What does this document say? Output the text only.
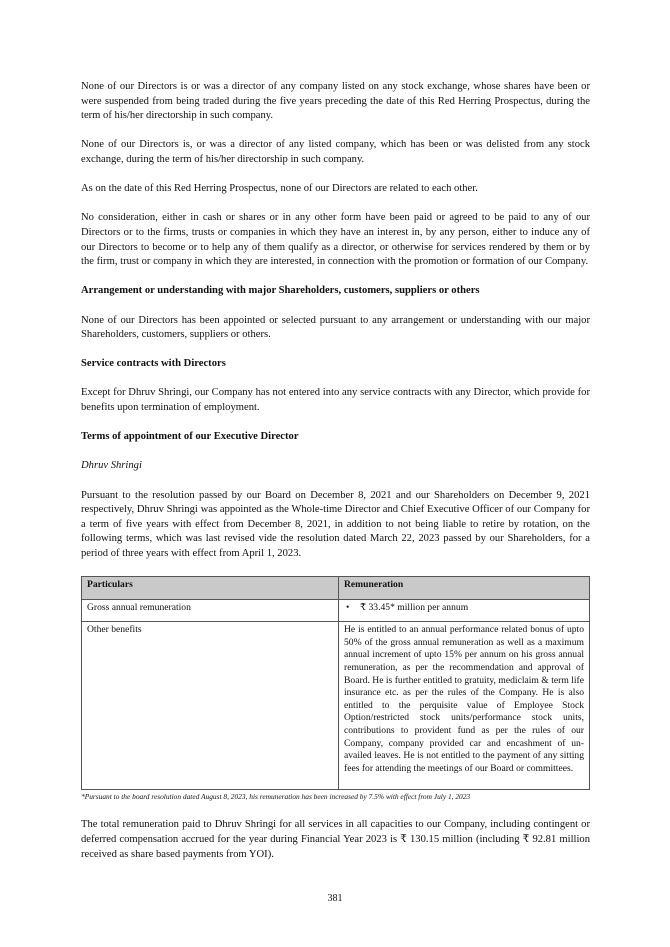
None of our Directors is or was a director of any company listed on any stock exchange, whose shares have been or were suspended from being traded during the five years preceding the date of this Red Herring Prospectus, during the term of his/her directorship in such company.

None of our Directors is, or was a director of any listed company, which has been or was delisted from any stock exchange, during the term of his/her directorship in such company.

As on the date of this Red Herring Prospectus, none of our Directors are related to each other.

No consideration, either in cash or shares or in any other form have been paid or agreed to be paid to any of our Directors or to the firms, trusts or companies in which they have an interest in, by any person, either to induce any of our Directors to become or to help any of them qualify as a director, or otherwise for services rendered by them or by the firm, trust or company in which they are interested, in connection with the promotion or formation of our Company.

Arrangement or understanding with major Shareholders, customers, suppliers or others

None of our Directors has been appointed or selected pursuant to any arrangement or understanding with our major Shareholders, customers, suppliers or others.

Service contracts with Directors

Except for Dhruv Shringi, our Company has not entered into any service contracts with any Director, which provide for benefits upon termination of employment.

Terms of appointment of our Executive Director

Dhruv Shringi

Pursuant to the resolution passed by our Board on December 8, 2021 and our Shareholders on December 9, 2021 respectively, Dhruv Shringi was appointed as the Whole-time Director and Chief Executive Officer of our Company for a term of five years with effect from December 8, 2021, in addition to not being liable to retire by rotation, on the following terms, which was last revised vide the resolution dated March 22, 2023 passed by our Shareholders, for a period of three years with effect from April 1, 2023.

Particulars	Remuneration
Gross annual remuneration	• ₹ 33.45* million per annum
Other benefits	He is entitled to an annual performance related bonus of upto 50% of the gross annual remuneration as well as a maximum annual increment of upto 15% per annum on his gross annual remuneration, as per the recommendation and approval of Board. He is further entitled to gratuity, mediclaim & term life insurance etc. as per the rules of the Company. He is also entitled to the perquisite value of Employee Stock Option/restricted stock units/performance stock units, contributions to provident fund as per the rules of our Company, company provided car and encashment of un-availed leaves. He is not entitled to the payment of any sitting fees for attending the meetings of our Board or committees.

*Pursuant to the board resolution dated August 8, 2023, his remuneration has been increased by 7.5% with effect from July 1, 2023

The total remuneration paid to Dhruv Shringi for all services in all capacities to our Company, including contingent or deferred compensation accrued for the year during Financial Year 2023 is ₹ 130.15 million (including ₹ 92.81 million received as share based payments from YOI).

381
